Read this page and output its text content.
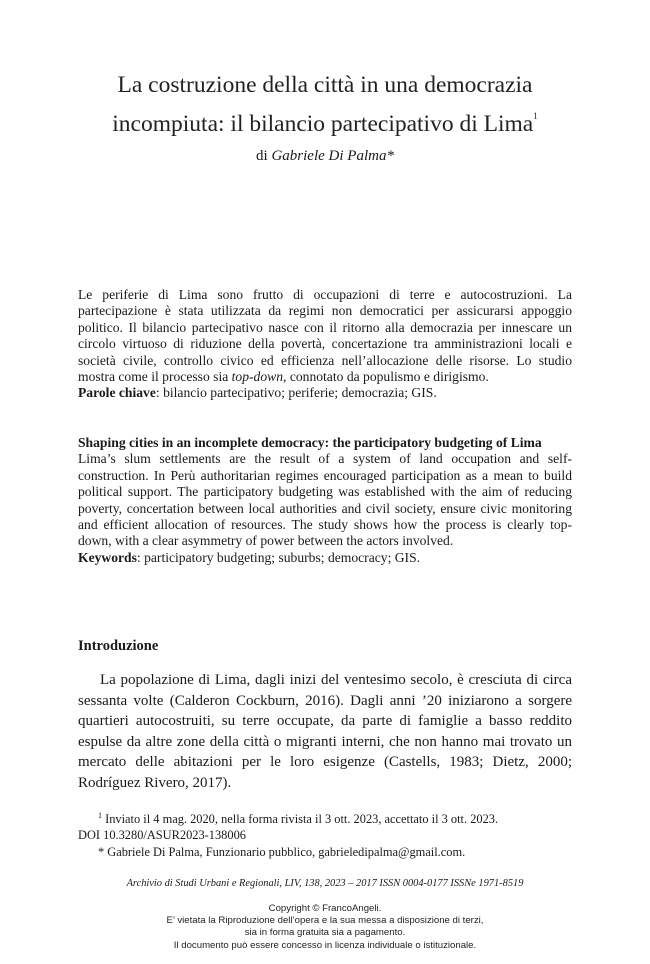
La costruzione della città in una democrazia
incompiuta: il bilancio partecipativo di Lima$^1$
di Gabriele Di Palma*

Le periferie di Lima sono frutto di occupazioni di terre e autocostruzioni. La partecipazione è stata utilizzata da regimi non democratici per assicurarsi appoggio politico. Il bilancio partecipativo nasce con il ritorno alla democrazia per innescare un circolo virtuoso di riduzione della povertà, concertazione tra amministrazioni locali e società civile, controllo civico ed efficienza nell’allocazione delle risorse. Lo studio mostra come il processo sia top-down, connotato da populismo e dirigismo.

Parole chiave: bilancio partecipativo; periferie; democrazia; GIS.

Shaping cities in an incomplete democracy: the participatory budgeting of Lima

Lima’s slum settlements are the result of a system of land occupation and self-construction. In Perù authoritarian regimes encouraged participation as a mean to build political support. The participatory budgeting was established with the aim of reducing poverty, concertation between local authorities and civil society, ensure civic monitoring and efficient allocation of resources. The study shows how the process is clearly top-down, with a clear asymmetry of power between the actors involved.

Keywords: participatory budgeting; suburbs; democracy; GIS.

Introduzione

La popolazione di Lima, dagli inizi del ventesimo secolo, è cresciuta di circa sessanta volte (Calderon Cockburn, 2016). Dagli anni ’20 iniziarono a sorgere quartieri autocostruiti, su terre occupate, da parte di famiglie a basso reddito espulse da altre zone della città o migranti interni, che non hanno mai trovato un mercato delle abitazioni per le loro esigenze (Castells, 1983; Dietz, 2000; Rodríguez Rivero, 2017).

$^1$ Inviato il 4 mag. 2020, nella forma rivista il 3 ott. 2023, accettato il 3 ott. 2023.

DOI 10.3280/ASUR2023-138006

* Gabriele Di Palma, Funzionario pubblico, gabrieledipalma@gmail.com.

Archivio di Studi Urbani e Regionali, LIV, 138, 2023 – 2017 ISSN 0004-0177 ISSNe 1971-8519
Copyright © FrancoAngeli.
E’ vietata la Riproduzione dell’opera e la sua messa a disposizione di terzi,
sia in forma gratuita sia a pagamento.
Il documento può essere concesso in licenza individuale o istituzionale.
